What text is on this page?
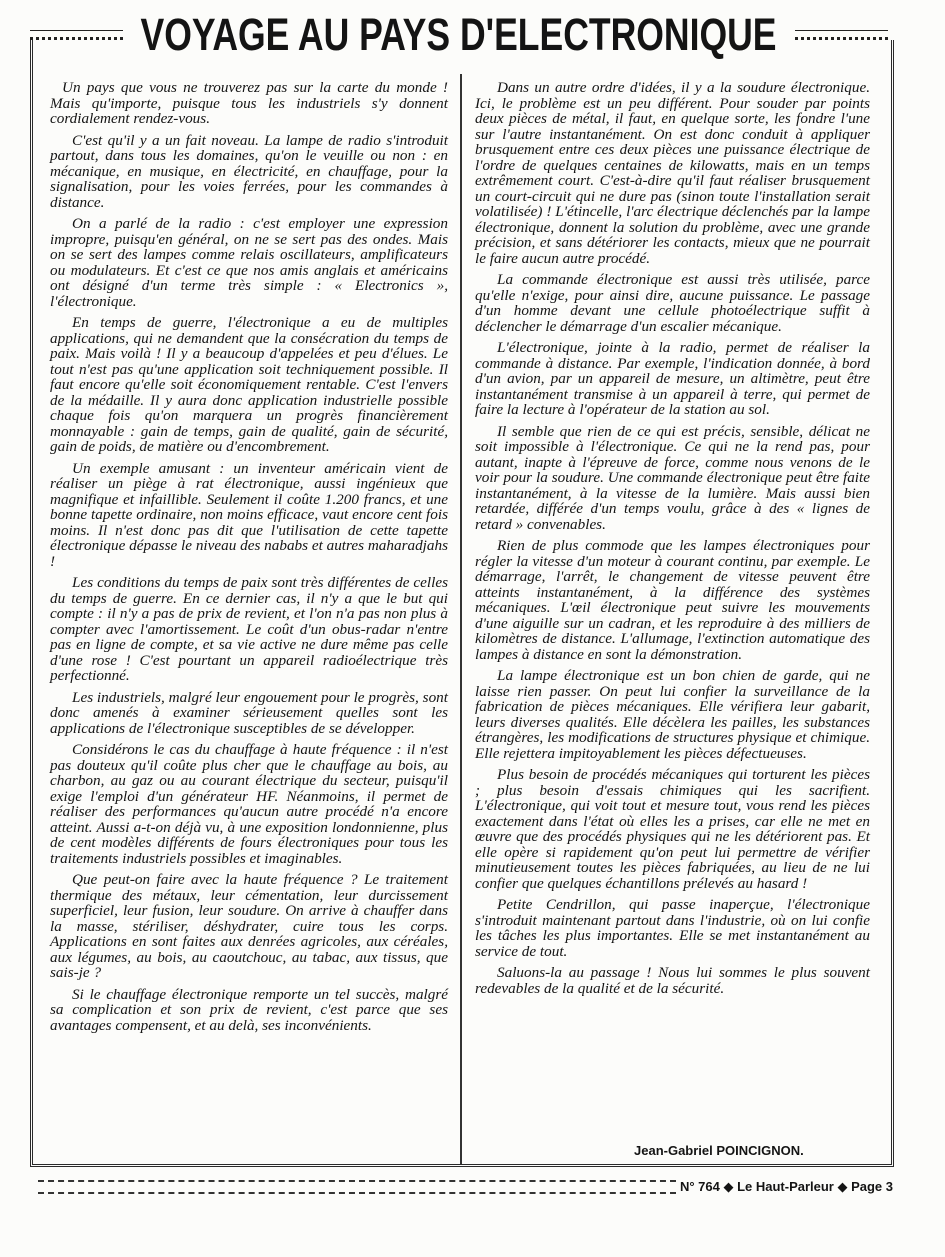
VOYAGE AU PAYS D'ELECTRONIQUE

Un pays que vous ne trouverez pas sur la carte du monde ! Mais qu'importe, puisque tous les industriels s'y donnent cordialement rendez-vous.

C'est qu'il y a un fait noveau. La lampe de radio s'introduit partout, dans tous les domaines, qu'on le veuille ou non : en mécanique, en musique, en électricité, en chauffage, pour la signalisation, pour les voies ferrées, pour les commandes à distance.

On a parlé de la radio : c'est employer une expression impropre, puisqu'en général, on ne se sert pas des ondes. Mais on se sert des lampes comme relais oscillateurs, amplificateurs ou modulateurs. Et c'est ce que nos amis anglais et américains ont désigné d'un terme très simple : « Electronics », l'électronique.

En temps de guerre, l'électronique a eu de multiples applications, qui ne demandent que la consécration du temps de paix. Mais voilà ! Il y a beaucoup d'appelées et peu d'élues. Le tout n'est pas qu'une application soit techniquement possible. Il faut encore qu'elle soit économiquement rentable. C'est l'envers de la médaille. Il y aura donc application industrielle possible chaque fois qu'on marquera un progrès financièrement monnayable : gain de temps, gain de qualité, gain de sécurité, gain de poids, de matière ou d'encombrement.

Un exemple amusant : un inventeur américain vient de réaliser un piège à rat électronique, aussi ingénieux que magnifique et infaillible. Seulement il coûte 1.200 francs, et une bonne tapette ordinaire, non moins efficace, vaut encore cent fois moins. Il n'est donc pas dit que l'utilisation de cette tapette électronique dépasse le niveau des nababs et autres maharadjahs !

Les conditions du temps de paix sont très différentes de celles du temps de guerre. En ce dernier cas, il n'y a que le but qui compte : il n'y a pas de prix de revient, et l'on n'a pas non plus à compter avec l'amortissement. Le coût d'un obus-radar n'entre pas en ligne de compte, et sa vie active ne dure même pas celle d'une rose ! C'est pourtant un appareil radioélectrique très perfectionné.

Les industriels, malgré leur engouement pour le progrès, sont donc amenés à examiner sérieusement quelles sont les applications de l'électronique susceptibles de se développer.

Considérons le cas du chauffage à haute fréquence : il n'est pas douteux qu'il coûte plus cher que le chauffage au bois, au charbon, au gaz ou au courant électrique du secteur, puisqu'il exige l'emploi d'un générateur HF. Néanmoins, il permet de réaliser des performances qu'aucun autre procédé n'a encore atteint. Aussi a-t-on déjà vu, à une exposition londonnienne, plus de cent modèles différents de fours électroniques pour tous les traitements industriels possibles et imaginables.

Que peut-on faire avec la haute fréquence ? Le traitement thermique des métaux, leur cémentation, leur durcissement superficiel, leur fusion, leur soudure. On arrive à chauffer dans la masse, stériliser, déshydrater, cuire tous les corps. Applications en sont faites aux denrées agricoles, aux céréales, aux légumes, au bois, au caoutchouc, au tabac, aux tissus, que sais-je ?

Si le chauffage électronique remporte un tel succès, malgré sa complication et son prix de revient, c'est parce que ses avantages compensent, et au delà, ses inconvénients.

Dans un autre ordre d'idées, il y a la soudure électronique. Ici, le problème est un peu différent. Pour souder par points deux pièces de métal, il faut, en quelque sorte, les fondre l'une sur l'autre instantanément. On est donc conduit à appliquer brusquement entre ces deux pièces une puissance électrique de l'ordre de quelques centaines de kilowatts, mais en un temps extrêmement court. C'est-à-dire qu'il faut réaliser brusquement un court-circuit qui ne dure pas (sinon toute l'installation serait volatilisée) ! L'étincelle, l'arc électrique déclenchés par la lampe électronique, donnent la solution du problème, avec une grande précision, et sans détériorer les contacts, mieux que ne pourrait le faire aucun autre procédé.

La commande électronique est aussi très utilisée, parce qu'elle n'exige, pour ainsi dire, aucune puissance. Le passage d'un homme devant une cellule photoélectrique suffit à déclencher le démarrage d'un escalier mécanique.

L'électronique, jointe à la radio, permet de réaliser la commande à distance. Par exemple, l'indication donnée, à bord d'un avion, par un appareil de mesure, un altimètre, peut être instantanément transmise à un appareil à terre, qui permet de faire la lecture à l'opérateur de la station au sol.

Il semble que rien de ce qui est précis, sensible, délicat ne soit impossible à l'électronique. Ce qui ne la rend pas, pour autant, inapte à l'épreuve de force, comme nous venons de le voir pour la soudure. Une commande électronique peut être faite instantanément, à la vitesse de la lumière. Mais aussi bien retardée, différée d'un temps voulu, grâce à des « lignes de retard » convenables.

Rien de plus commode que les lampes électroniques pour régler la vitesse d'un moteur à courant continu, par exemple. Le démarrage, l'arrêt, le changement de vitesse peuvent être atteints instantanément, à la différence des systèmes mécaniques. L'œil électronique peut suivre les mouvements d'une aiguille sur un cadran, et les reproduire à des milliers de kilomètres de distance. L'allumage, l'extinction automatique des lampes à distance en sont la démonstration.

La lampe électronique est un bon chien de garde, qui ne laisse rien passer. On peut lui confier la surveillance de la fabrication de pièces mécaniques. Elle vérifiera leur gabarit, leurs diverses qualités. Elle décèlera les pailles, les substances étrangères, les modifications de structures physique et chimique. Elle rejettera impitoyablement les pièces défectueuses.

Plus besoin de procédés mécaniques qui torturent les pièces ; plus besoin d'essais chimiques qui les sacrifient. L'électronique, qui voit tout et mesure tout, vous rend les pièces exactement dans l'état où elles les a prises, car elle ne met en œuvre que des procédés physiques qui ne les détériorent pas. Et elle opère si rapidement qu'on peut lui permettre de vérifier minutieusement toutes les pièces fabriquées, au lieu de ne lui confier que quelques échantillons prélevés au hasard !

Petite Cendrillon, qui passe inaperçue, l'électronique s'introduit maintenant partout dans l'industrie, où on lui confie les tâches les plus importantes. Elle se met instantanément au service de tout.

Saluons-la au passage ! Nous lui sommes le plus souvent redevables de la qualité et de la sécurité.

Jean-Gabriel POINCIGNON.
N° 764 ◆ Le Haut-Parleur ◆ Page 3
